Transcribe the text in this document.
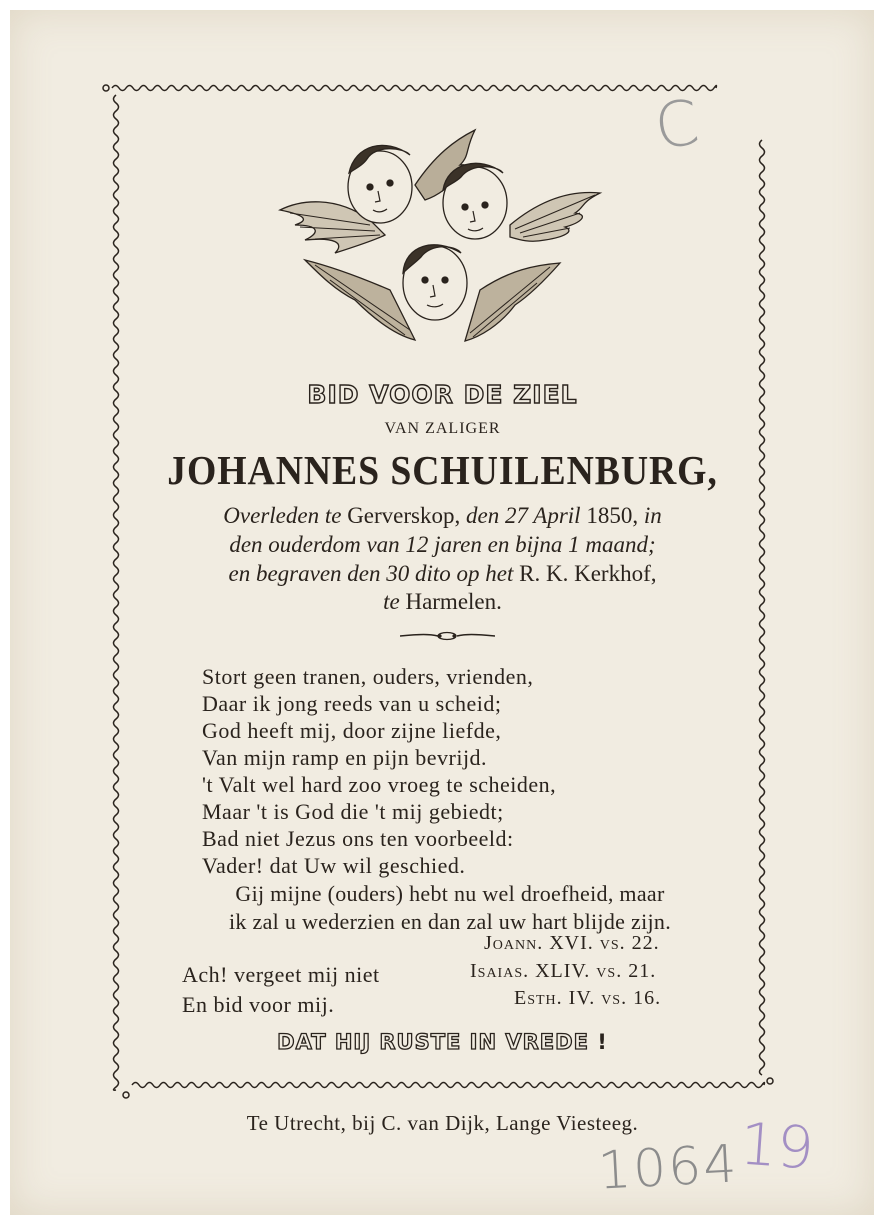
C
BID VOOR DE ZIEL
VAN ZALIGER
JOHANNES SCHUILENBURG,
Overleden te Gerverskop, den 27 April 1850, in
den ouderdom van 12 jaren en bijna 1 maand;
en begraven den 30 dito op het R. K. Kerkhof,
te Harmelen.
Stort geen tranen, ouders, vrienden,
Daar ik jong reeds van u scheid;
God heeft mij, door zijne liefde,
Van mijn ramp en pijn bevrijd.
't Valt wel hard zoo vroeg te scheiden,
Maar 't is God die 't mij gebiedt;
Bad niet Jezus ons ten voorbeeld:
Vader! dat Uw wil geschied.
Gij mijne (ouders) hebt nu wel droefheid, maar
ik zal u wederzien en dan zal uw hart blijde zijn.
Joann. XVI. vs. 22.
Ach! vergeet mij niet	Isaias. XLIV. vs. 21.
En bid voor mij.	Esth. IV. vs. 16.
DAT HIJ RUSTE IN VREDE !
Te Utrecht, bij C. van Dijk, Lange Viesteeg.
1064
19
